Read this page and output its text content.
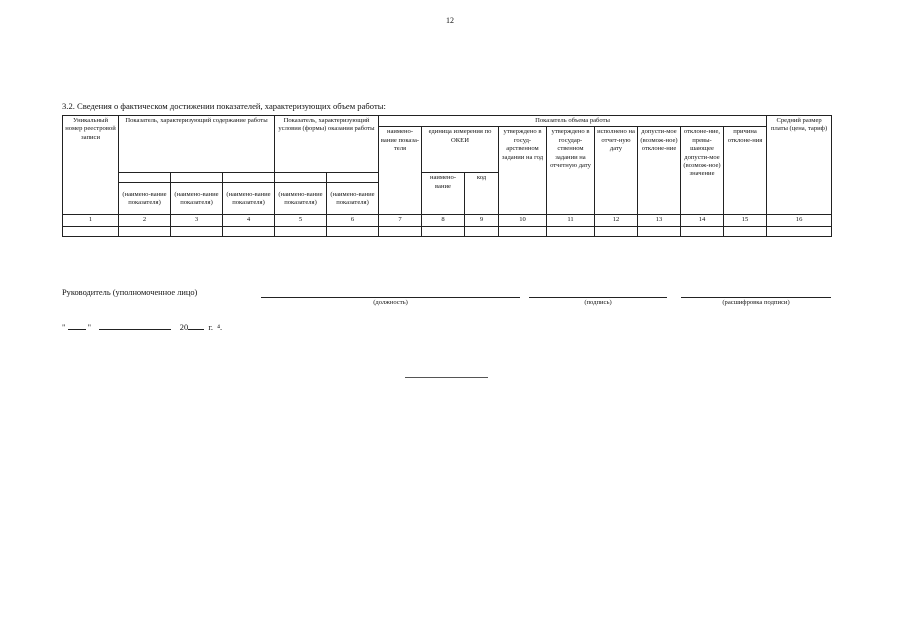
12
3.2. Сведения о фактическом достижении показателей, характеризующих объем работы:
Уникальный номер реестровой записи	Показатель, характеризующий содержание работы			Показатель, характеризующий условия (формы) оказания работы		Показатель объема работы									Средний размер платы (цена, тариф)
						наимено-вание показа-теля	единица измерения по ОКЕИ		утверждено в госуд-арственном задании на год	утверждено в государ-ственном задании на отчетную дату	исполнено на отчет-ную дату	допусти-мое (возмож-ное) отклоне-ние	отклоне-ние, превы-шающее допусти-мое (возмож-ное) значение	причина отклоне-ния	
							наимено-вание	код							
	(наимено-вание показателя)	(наимено-вание показателя)	(наимено-вание показателя)	(наимено-вание показателя)	(наимено-вание показателя)										
1	2	3	4	5	6	7	8	9	10	11	12	13	14	15	16

Руководитель (уполномоченное лицо)
(должность)	(подпись)	(расшифровка подписи)
"	"	20 г. ⁴.
